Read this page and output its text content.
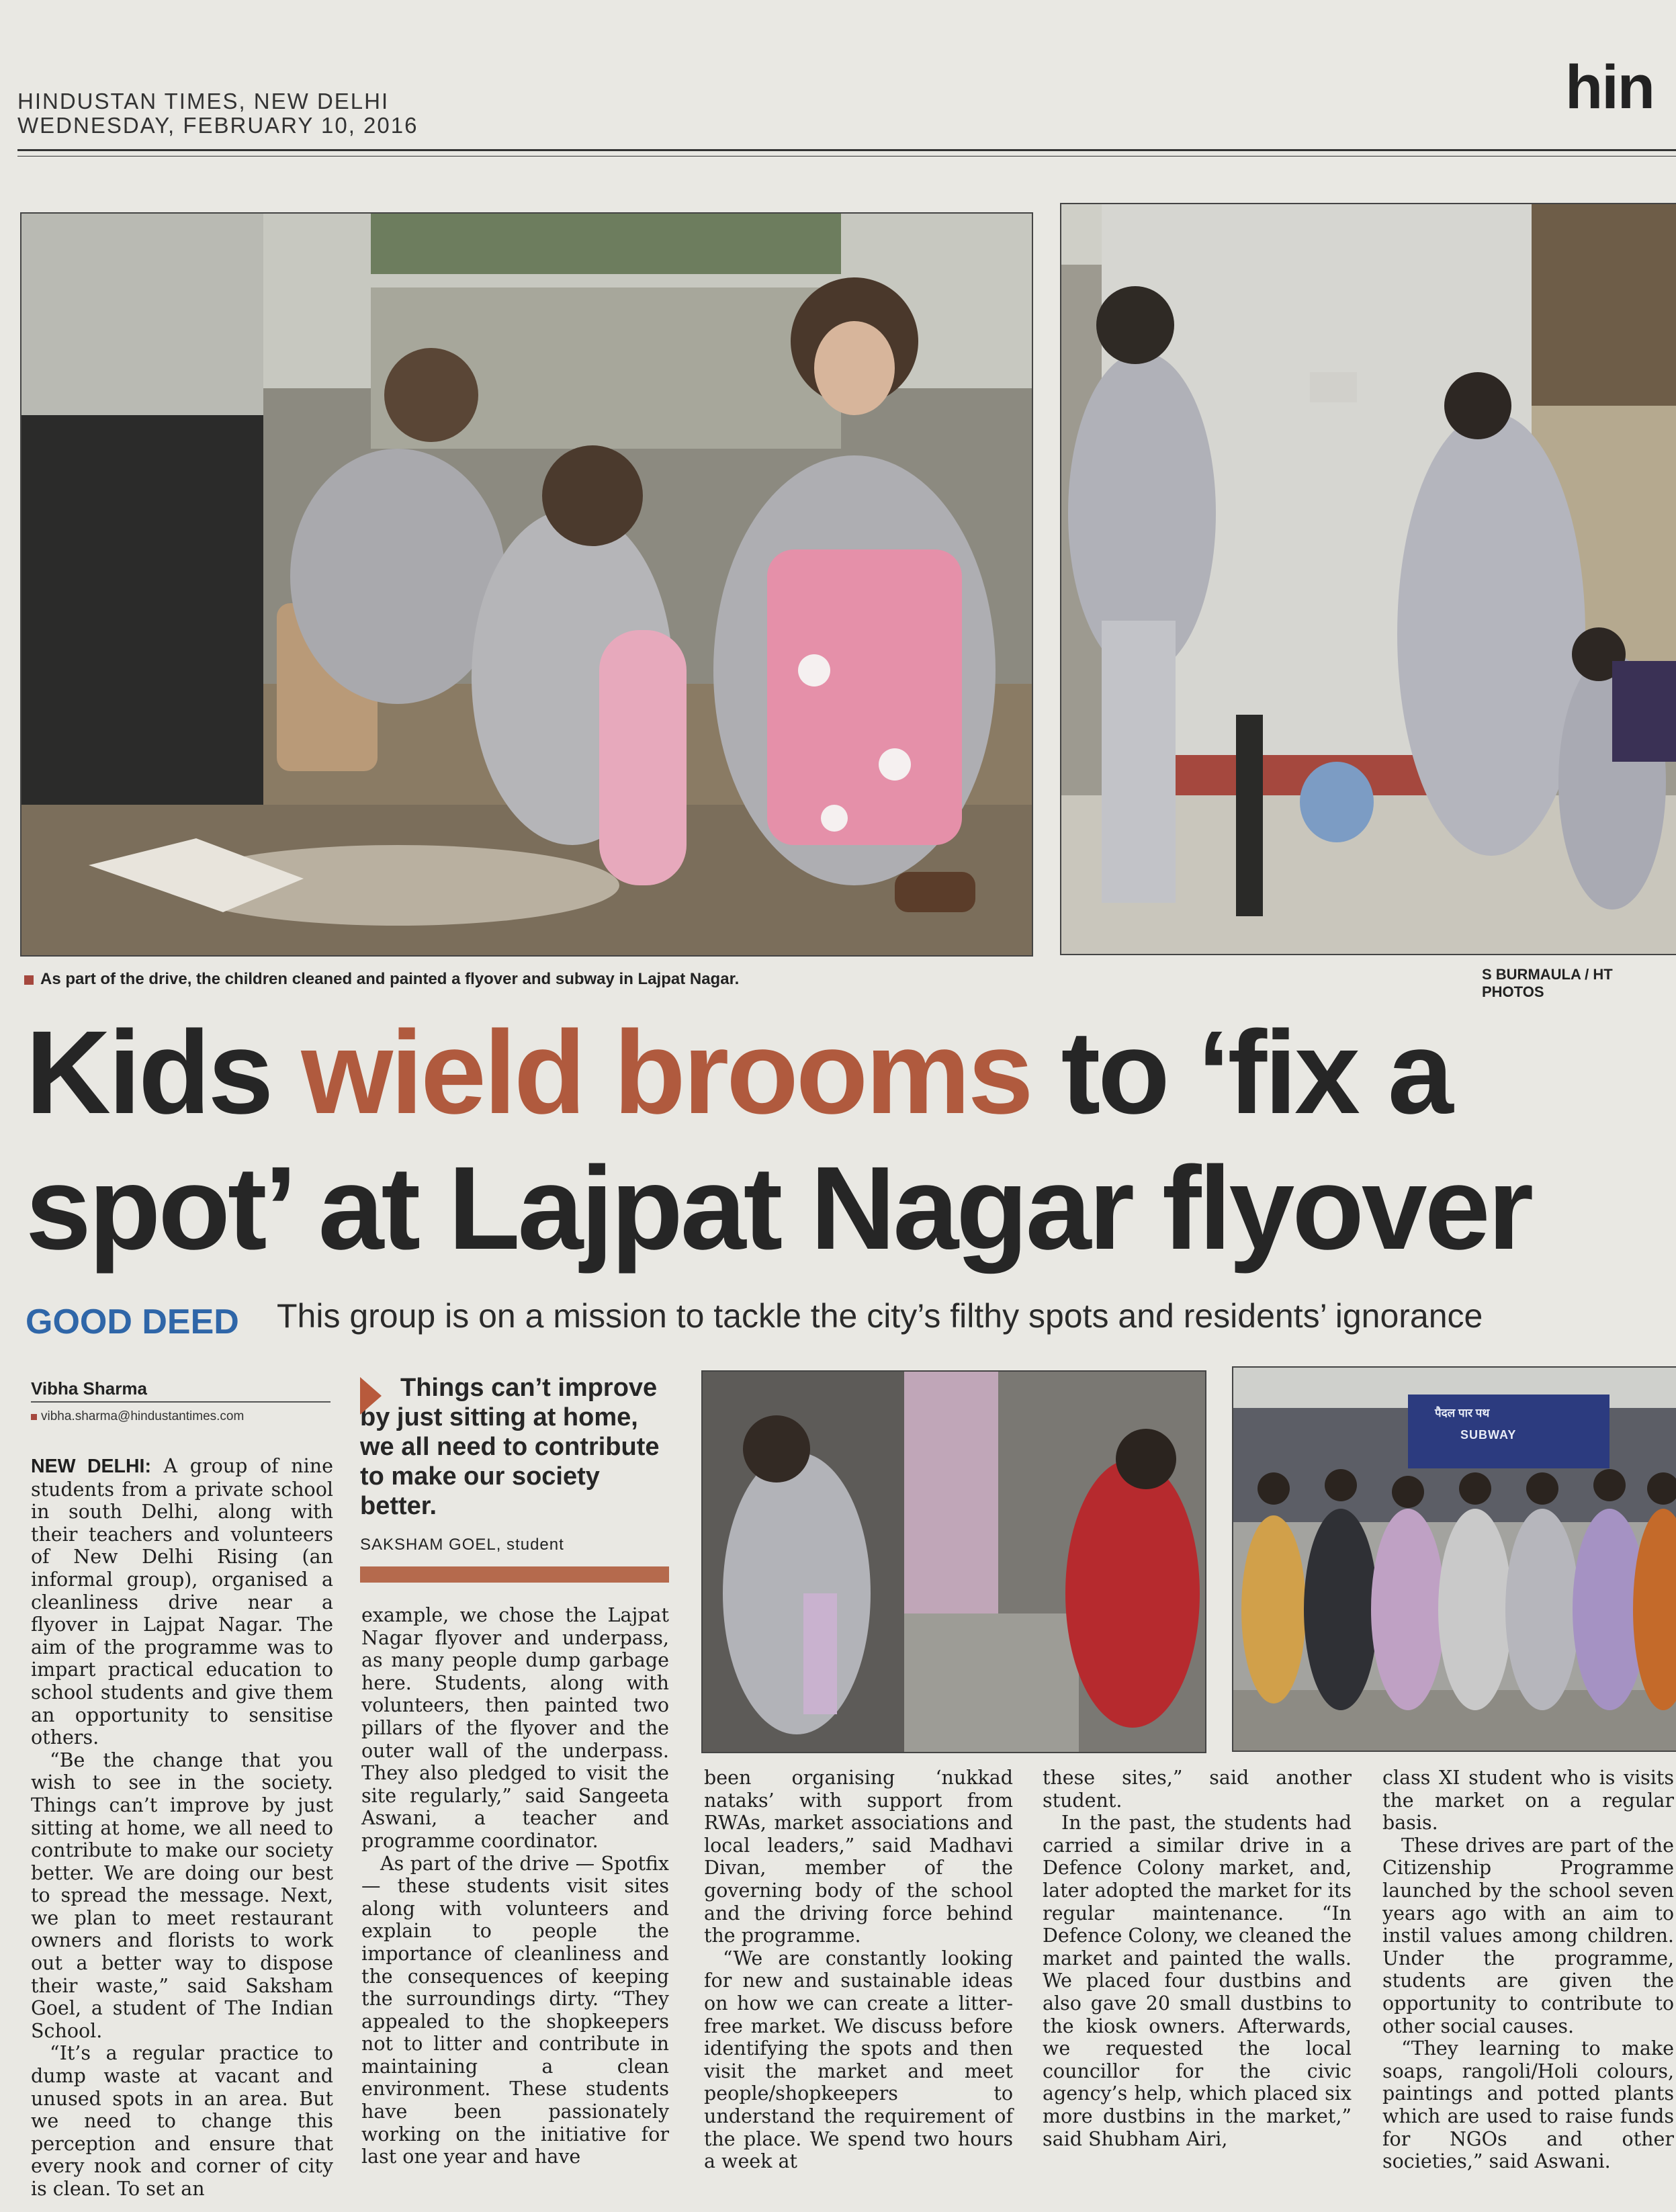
HINDUSTAN TIMES, NEW DELHI
WEDNESDAY, FEBRUARY 10, 2016
hin
As part of the drive, the children cleaned and painted a flyover and subway in Lajpat Nagar.	S BURMAULA / HT PHOTOS
Kids wield brooms to ‘fix a
spot’ at Lajpat Nagar flyover
GOOD DEED This group is on a mission to tackle the city’s filthy spots and residents’ ignorance
Vibha Sharma
vibha.sharma@hindustantimes.com
Things can’t improve by just sitting at home, we all need to contribute to make our society better.
SAKSHAM GOEL, student
पैदल पार पथ
SUBWAY

NEW DELHI: A group of nine students from a private school in south Delhi, along with their teachers and volunteers of New Delhi Rising (an informal group), organised a cleanliness drive near a flyover in Lajpat Nagar. The aim of the programme was to impart practical education to school students and give them an opportunity to sensitise others.

“Be the change that you wish to see in the society. Things can’t improve by just sitting at home, we all need to contribute to make our society better. We are doing our best to spread the message. Next, we plan to meet restaurant owners and florists to work out a better way to dispose their waste,” said Saksham Goel, a student of The Indian School.

“It’s a regular practice to dump waste at vacant and unused spots in an area. But we need to change this perception and ensure that every nook and corner of city is clean. To set an

example, we chose the Lajpat Nagar flyover and underpass, as many people dump garbage here. Students, along with volunteers, then painted two pillars of the flyover and the outer wall of the underpass. They also pledged to visit the site regularly,” said Sangeeta Aswani, a teacher and programme coordinator.

As part of the drive — Spotfix — these students visit sites along with volunteers and explain to people the importance of cleanliness and the consequences of keeping the surroundings dirty. “They appealed to the shopkeepers not to litter and contribute in maintaining a clean environment. These students have been passionately working on the initiative for last one year and have

been organising ‘nukkad nataks’ with support from RWAs, market associations and local leaders,” said Madhavi Divan, member of the governing body of the school and the driving force behind the programme.

“We are constantly looking for new and sustainable ideas on how we can create a litter-free market. We discuss before identifying the spots and then visit the market and meet people/shopkeepers to understand the requirement of the place. We spend two hours a week at

these sites,” said another student.

In the past, the students had carried a similar drive in a Defence Colony market, and, later adopted the market for its regular maintenance. “In Defence Colony, we cleaned the market and painted the walls. We placed four dustbins and also gave 20 small dustbins to the kiosk owners. Afterwards, we requested the local councillor for the civic agency’s help, which placed six more dustbins in the market,” said Shubham Airi,

class XI student who is visits the market on a regular basis.

These drives are part of the Citizenship Programme launched by the school seven years ago with an aim to instil values among children. Under the programme, students are given the opportunity to contribute to other social causes.

“They learning to make soaps, rangoli/Holi colours, paintings and potted plants which are used to raise funds for NGOs and other societies,” said Aswani.
